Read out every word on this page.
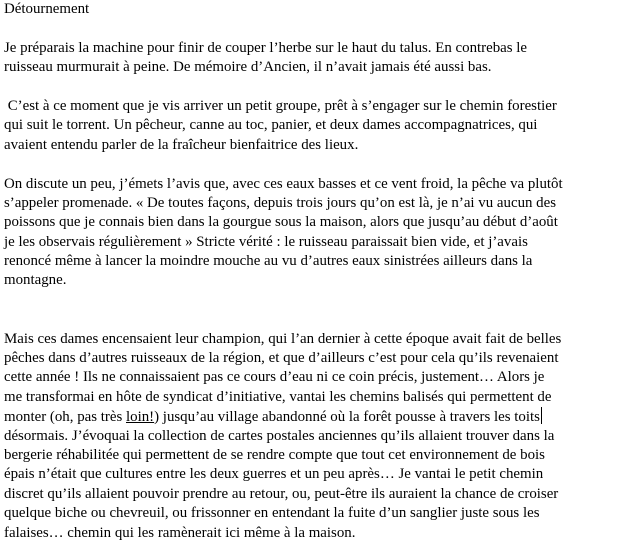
Détournement
Je préparais la machine pour finir de couper l’herbe sur le haut du talus. En contrebas le
ruisseau murmurait à peine. De mémoire d’Ancien, il n’avait jamais été aussi bas.
C’est à ce moment que je vis arriver un petit groupe, prêt à s’engager sur le chemin forestier
qui suit le torrent. Un pêcheur, canne au toc, panier, et deux dames accompagnatrices, qui
avaient entendu parler de la fraîcheur bienfaitrice des lieux.
On discute un peu, j’émets l’avis que, avec ces eaux basses et ce vent froid, la pêche va plutôt
s’appeler promenade. « De toutes façons, depuis trois jours qu’on est là, je n’ai vu aucun des
poissons que je connais bien dans la gourgue sous la maison, alors que jusqu’au début d’août
je les observais régulièrement » Stricte vérité : le ruisseau paraissait bien vide, et j’avais
renoncé même à lancer la moindre mouche au vu d’autres eaux sinistrées ailleurs dans la
montagne.
Mais ces dames encensaient leur champion, qui l’an dernier à cette époque avait fait de belles
pêches dans d’autres ruisseaux de la région, et que d’ailleurs c’est pour cela qu’ils revenaient
cette année ! Ils ne connaissaient pas ce cours d’eau ni ce coin précis, justement… Alors je
me transformai en hôte de syndicat d’initiative, vantai les chemins balisés qui permettent de
monter (oh, pas très loin!) jusqu’au village abandonné où la forêt pousse à travers les toits
désormais. J’évoquai la collection de cartes postales anciennes qu’ils allaient trouver dans la
bergerie réhabilitée qui permettent de se rendre compte que tout cet environnement de bois
épais n’était que cultures entre les deux guerres et un peu après… Je vantai le petit chemin
discret qu’ils allaient pouvoir prendre au retour, ou, peut-être ils auraient la chance de croiser
quelque biche ou chevreuil, ou frissonner en entendant la fuite d’un sanglier juste sous les
falaises… chemin qui les ramènerait ici même à la maison.
